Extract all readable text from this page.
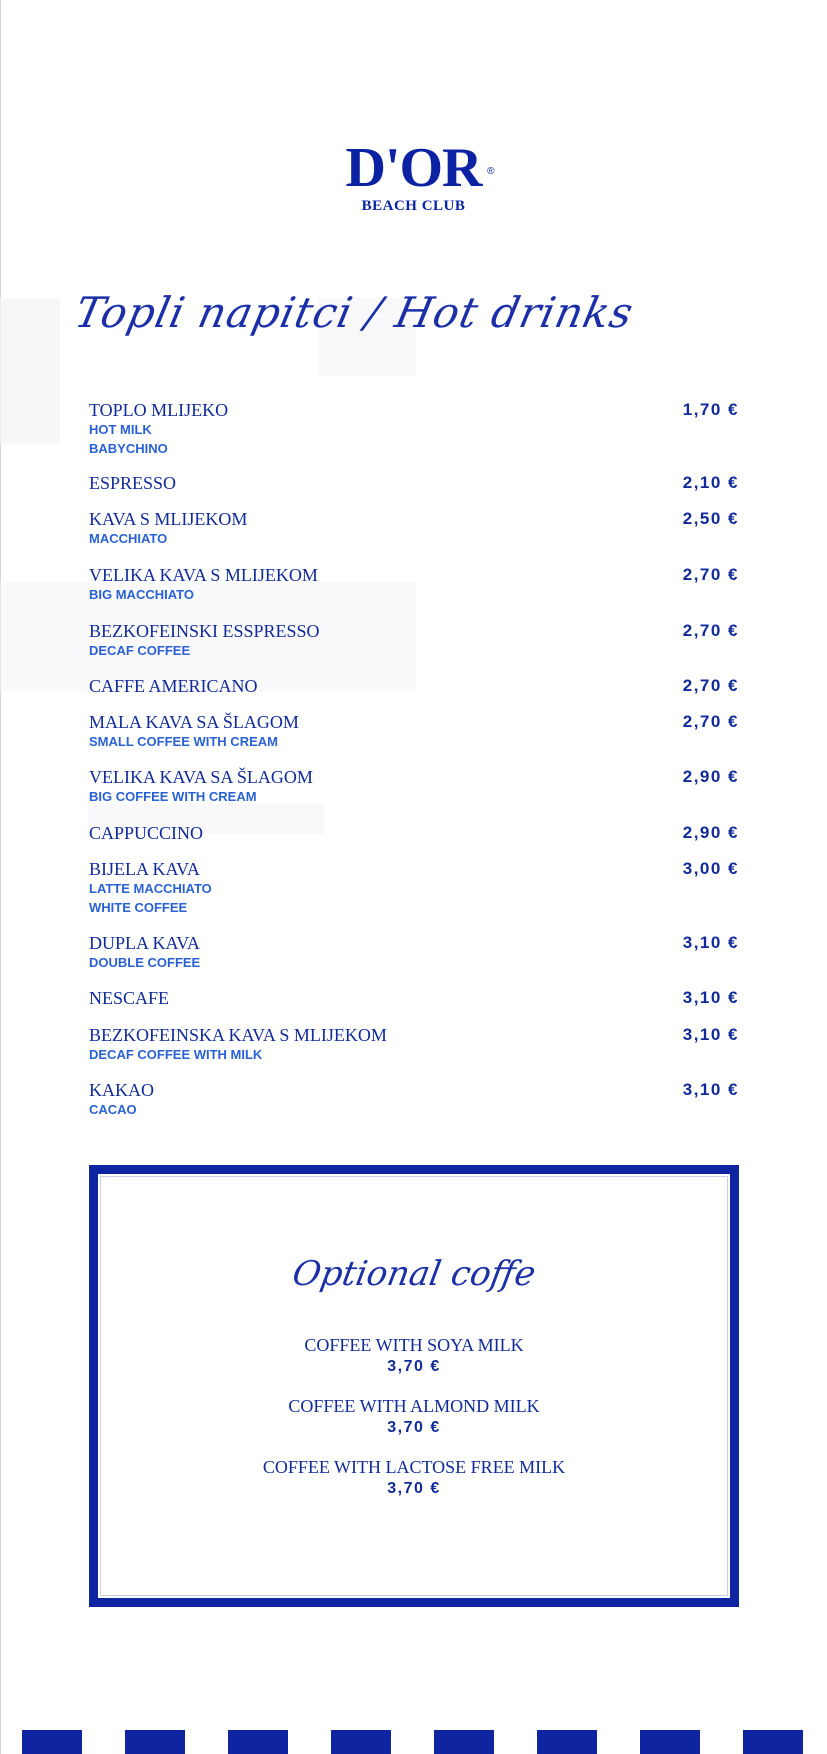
D'OR ®
BEACH CLUB
Topli napitci / Hot drinks
TOPLO MLIJEKO
HOT MILK
BABYCHINO
1,70 €
ESPRESSO	2,10 €
KAVA S MLIJEKOM
MACCHIATO
2,50 €
VELIKA KAVA S MLIJEKOM
BIG MACCHIATO
2,70 €
BEZKOFEINSKI ESSPRESSO
DECAF COFFEE
2,70 €
CAFFE AMERICANO	2,70 €
MALA KAVA SA ŠLAGOM
SMALL COFFEE WITH CREAM
2,70 €
VELIKA KAVA SA ŠLAGOM
BIG COFFEE WITH CREAM
2,90 €
CAPPUCCINO	2,90 €
BIJELA KAVA
LATTE MACCHIATO
WHITE COFFEE
3,00 €
DUPLA KAVA
DOUBLE COFFEE
3,10 €
NESCAFE	3,10 €
BEZKOFEINSKA KAVA S MLIJEKOM
DECAF COFFEE WITH MILK
3,10 €
KAKAO
CACAO
3,10 €
Optional coffe
COFFEE WITH SOYA MILK
3,70 €
COFFEE WITH ALMOND MILK
3,70 €
COFFEE WITH LACTOSE FREE MILK
3,70 €
